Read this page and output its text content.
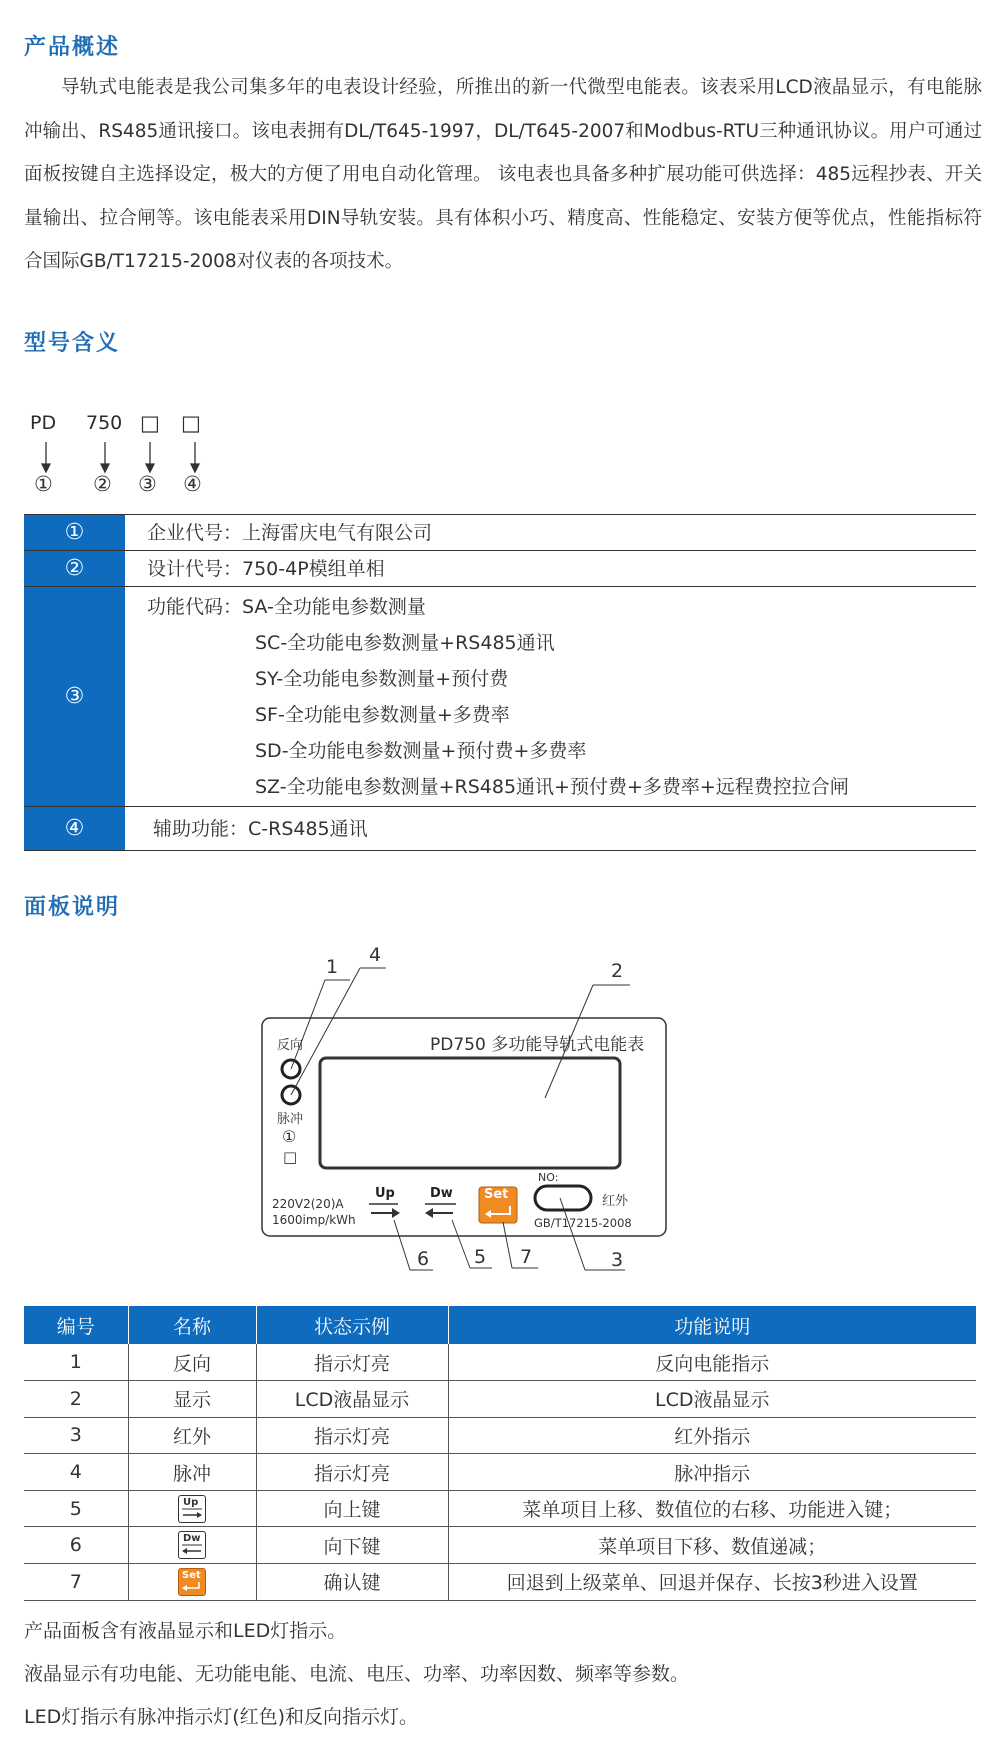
产品概述

导轨式电能表是我公司集多年的电表设计经验，所推出的新一代微型电能表。该表采用LCD液晶显示，有电能脉冲输出、RS485通讯接口。该电表拥有DL/T645-1997，DL/T645-2007和Modbus-RTU三种通讯协议。用户可通过面板按键自主选择设定，极大的方便了用电自动化管理。 该电表也具备多种扩展功能可供选择：485远程抄表、开关量输出、拉合闸等。该电能表采用DIN导轨安装。具有体积小巧、精度高、性能稳定、安装方便等优点，性能指标符合国际GB/T17215-2008对仪表的各项技术。

型号含义
PD 750 □ □
① ② ③ ④
①	企业代号：上海雷庆电气有限公司
②	设计代号：750-4P模组单相
③
功能代码：SA-全功能电参数测量
SC-全功能电参数测量+RS485通讯
SY-全功能电参数测量+预付费
SF-全功能电参数测量+多费率
SD-全功能电参数测量+预付费+多费率
SZ-全功能电参数测量+RS485通讯+预付费+多费率+远程费控拉合闸
④	辅助功能：C-RS485通讯
面板说明
PD750 多功能导轨式电能表
反向
脉冲
①
□
220V2(20)A
1600imp/kWh
Up	Dw Set
NO:
红外
GB/T17215-2008
1	2
3
4
5
6	7
编号	名称	状态示例	功能说明
1	反向	指示灯亮	反向电能指示
2	显示	LCD液晶显示	LCD液晶显示
3	红外	指示灯亮	红外指示
4	脉冲	指示灯亮	脉冲指示
5	Up	向上键	菜单项目上移、数值位的右移、功能进入键；
6	Dw	向下键	菜单项目下移、数值递减；
7	Set	确认键	回退到上级菜单、回退并保存、长按3秒进入设置
产品面板含有液晶显示和LED灯指示。
液晶显示有功电能、无功能电能、电流、电压、功率、功率因数、频率等参数。
LED灯指示有脉冲指示灯(红色)和反向指示灯。
